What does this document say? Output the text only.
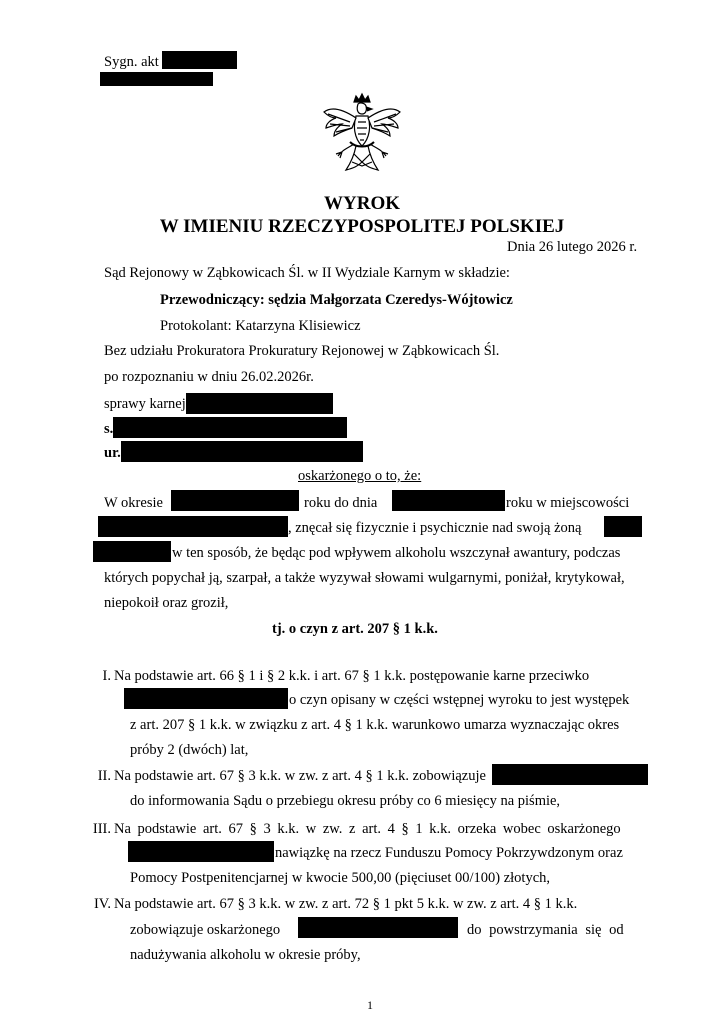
Sygn. akt
WYROK
W IMIENIU RZECZYPOSPOLITEJ POLSKIEJ
Dnia 26 lutego 2026 r.
Sąd Rejonowy w Ząbkowicach Śl. w II Wydziale Karnym w składzie:
Przewodniczący: sędzia Małgorzata Czeredys-Wójtowicz
Protokolant: Katarzyna Klisiewicz
Bez udziału Prokuratora Prokuratury Rejonowej w Ząbkowicach Śl.
po rozpoznaniu w dniu 26.02.2026r.
sprawy karnej
s.
ur.
oskarżonego o to, że:
W okresie	roku do dnia	roku w miejscowości
, znęcał się fizycznie i psychicznie nad swoją żoną
w ten sposób, że będąc pod wpływem alkoholu wszczynał awantury, podczas
których popychał ją, szarpał, a także wyzywał słowami wulgarnymi, poniżał, krytykował,
niepokoił oraz groził,
tj. o czyn z art. 207 § 1 k.k.
I. Na podstawie art. 66 § 1 i § 2 k.k. i art. 67 § 1 k.k. postępowanie karne przeciwko
o czyn opisany w części wstępnej wyroku to jest występek
z art. 207 § 1 k.k. w związku z art. 4 § 1 k.k. warunkowo umarza wyznaczając okres
próby 2 (dwóch) lat,
II. Na podstawie art. 67 § 3 k.k. w zw. z art. 4 § 1 k.k. zobowiązuje
do informowania Sądu o przebiegu okresu próby co 6 miesięcy na piśmie,
III. Na podstawie art. 67 § 3 k.k. w zw. z art. 4 § 1 k.k. orzeka wobec oskarżonego
nawiązkę na rzecz Funduszu Pomocy Pokrzywdzonym oraz
Pomocy Postpenitencjarnej w kwocie 500,00 (pięciuset 00/100) złotych,
IV. Na podstawie art. 67 § 3 k.k. w zw. z art. 72 § 1 pkt 5 k.k. w zw. z art. 4 § 1 k.k.
zobowiązuje oskarżonego	do powstrzymania się od
nadużywania alkoholu w okresie próby,
1
